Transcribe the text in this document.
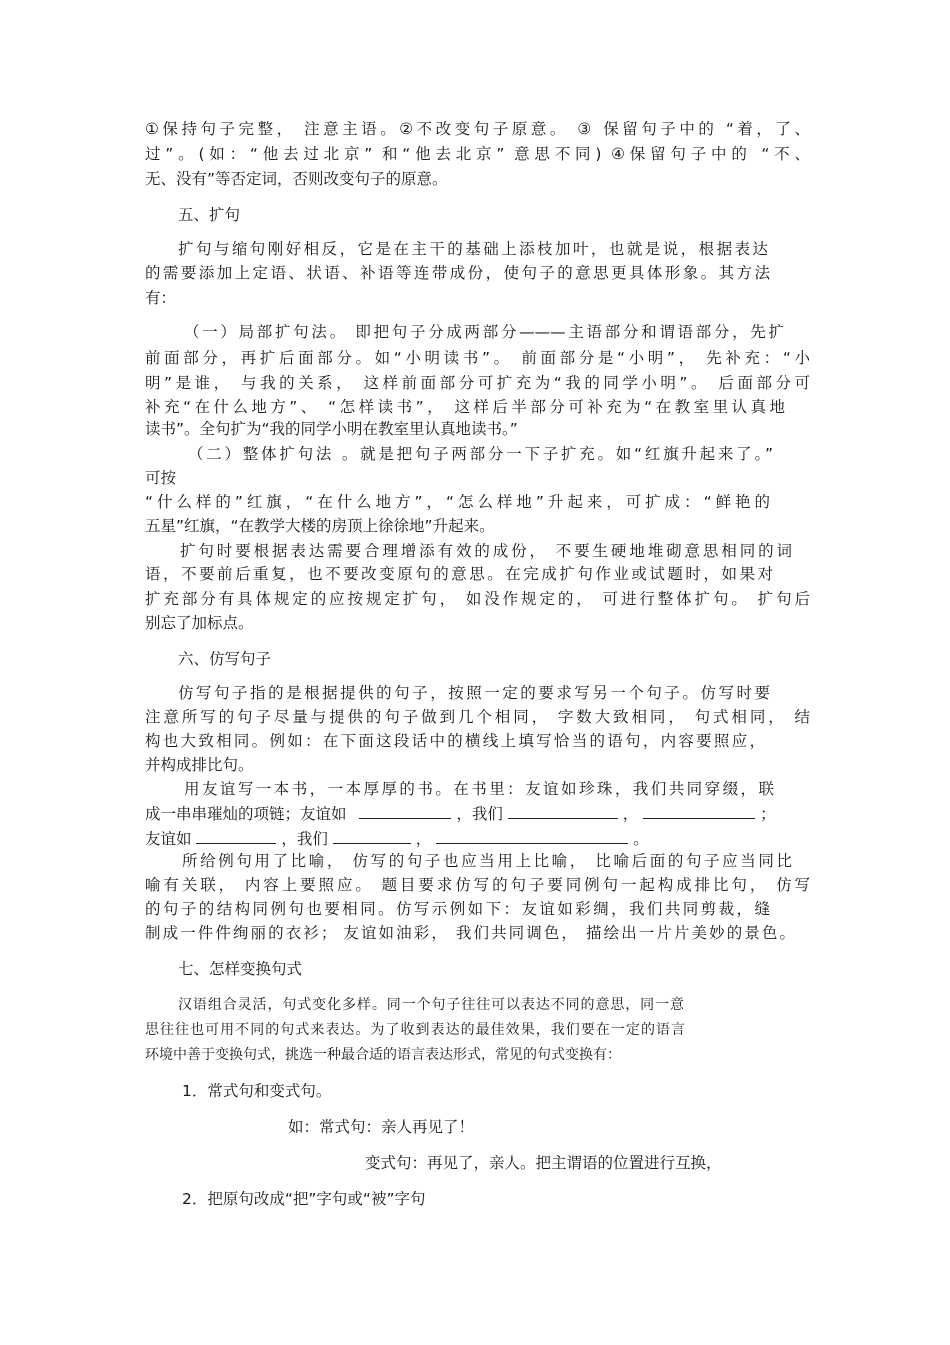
①保持句子完整， 注意主语。②不改变句子原意。 ③ 保留句子中的 “着，了、
过”。(如：“他去过北京” 和“他去北京” 意思不同) ④保留句子中的 “不、
无、没有”等否定词，否则改变句子的原意。
五、扩句
扩句与缩句刚好相反，它是在主干的基础上添枝加叶，也就是说，根据表达
的需要添加上定语、状语、补语等连带成份，使句子的意思更具体形象。其方法
有：
（一）局部扩句法。 即把句子分成两部分———主语部分和谓语部分，先扩
前面部分，再扩后面部分。如“小明读书”。 前面部分是“小明”， 先补充：“小
明”是谁， 与我的关系， 这样前面部分可扩充为“我的同学小明”。 后面部分可
补充“在什么地方”、 “怎样读书”， 这样后半部分可补充为“在教室里认真地
读书”。全句扩为“我的同学小明在教室里认真地读书。”
（二）整体扩句法 。就是把句子两部分一下子扩充。如“红旗升起来了。”
可按
“什么样的”红旗，“在什么地方”，“怎么样地”升起来，可扩成：“鲜艳的
五星”红旗，“在教学大楼的房顶上徐徐地”升起来。
扩句时要根据表达需要合理增添有效的成份， 不要生硬地堆砌意思相同的词
语，不要前后重复，也不要改变原句的意思。在完成扩句作业或试题时，如果对
扩充部分有具体规定的应按规定扩句， 如没作规定的， 可进行整体扩句。 扩句后
别忘了加标点。
六、仿写句子
仿写句子指的是根据提供的句子，按照一定的要求写另一个句子。仿写时要
注意所写的句子尽量与提供的句子做到几个相同， 字数大致相同， 句式相同， 结
构也大致相同。例如：在下面这段话中的横线上填写恰当的语句，内容要照应，
并构成排比句。
用友谊写一本书，一本厚厚的书。在书里：友谊如珍珠，我们共同穿缀，联
成一串串璀灿的项链；友谊如	，我们	，	；
友谊如	，我们	，	。
所给例句用了比喻， 仿写的句子也应当用上比喻， 比喻后面的句子应当同比
喻有关联， 内容上要照应。 题目要求仿写的句子要同例句一起构成排比句， 仿写
的句子的结构同例句也要相同。仿写示例如下：友谊如彩绸，我们共同剪裁，缝
制成一件件绚丽的衣衫； 友谊如油彩， 我们共同调色， 描绘出一片片美妙的景色。
七、怎样变换句式
汉语组合灵活，句式变化多样。同一个句子往往可以表达不同的意思，同一意
思往往也可用不同的句式来表达。为了收到表达的最佳效果，我们要在一定的语言
环境中善于变换句式，挑选一种最合适的语言表达形式，常见的句式变换有：
1．常式句和变式句。
如：常式句：亲人再见了！
变式句：再见了，亲人。把主谓语的位置进行互换，
2．把原句改成“把”字句或“被”字句
